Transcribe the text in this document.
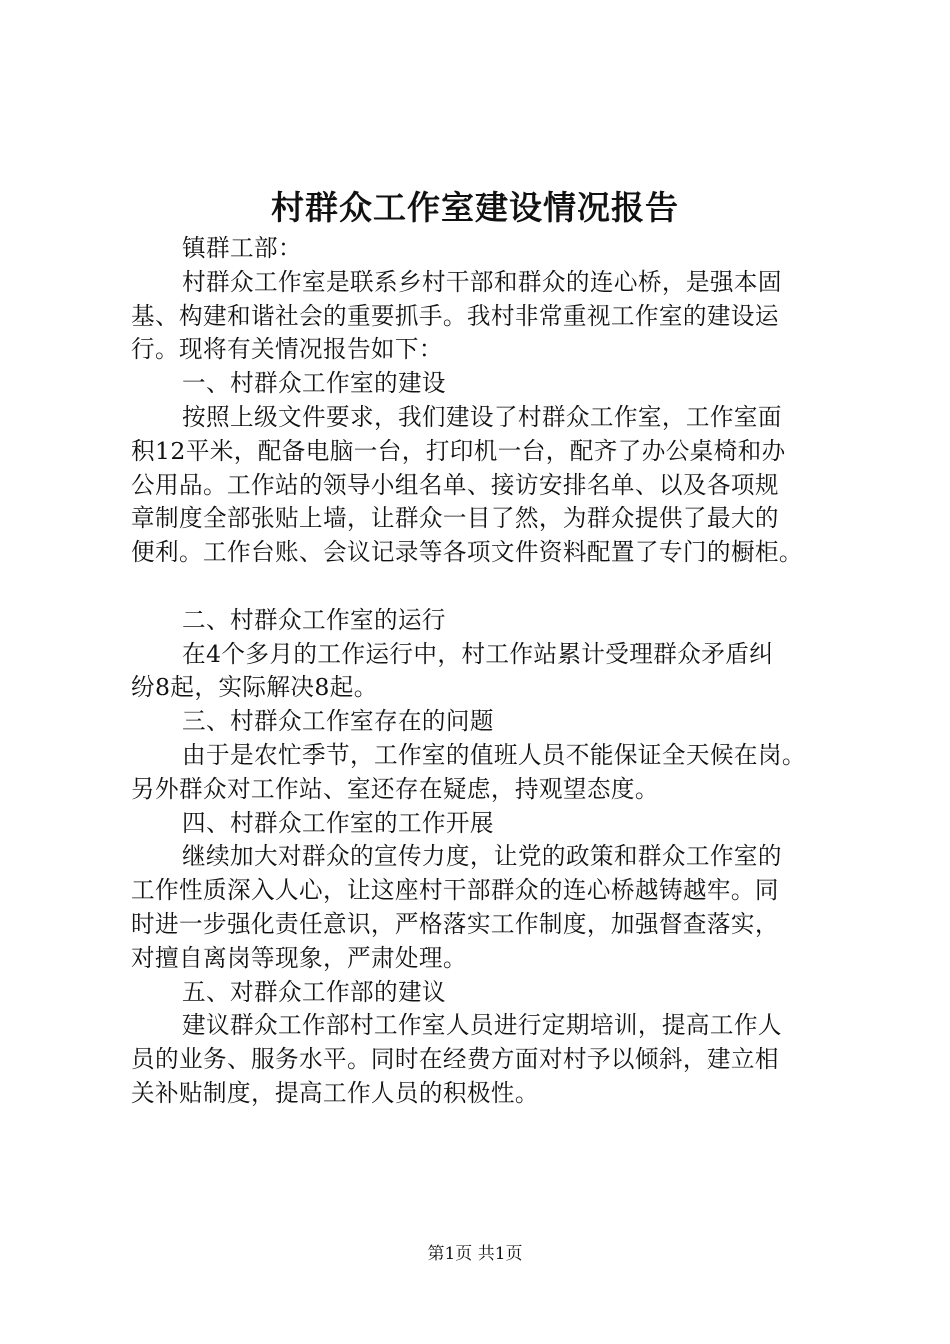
村群众工作室建设情况报告
镇群工部：
村群众工作室是联系乡村干部和群众的连心桥，是强本固
基、构建和谐社会的重要抓手。我村非常重视工作室的建设运
行。现将有关情况报告如下：
一、村群众工作室的建设
按照上级文件要求，我们建设了村群众工作室，工作室面
积12平米，配备电脑一台，打印机一台，配齐了办公桌椅和办
公用品。工作站的领导小组名单、接访安排名单、以及各项规
章制度全部张贴上墙，让群众一目了然，为群众提供了最大的
便利。工作台账、会议记录等各项文件资料配置了专门的橱柜。
二、村群众工作室的运行
在4个多月的工作运行中，村工作站累计受理群众矛盾纠
纷8起，实际解决8起。
三、村群众工作室存在的问题
由于是农忙季节，工作室的值班人员不能保证全天候在岗。
另外群众对工作站、室还存在疑虑，持观望态度。
四、村群众工作室的工作开展
继续加大对群众的宣传力度，让党的政策和群众工作室的
工作性质深入人心，让这座村干部群众的连心桥越铸越牢。同
时进一步强化责任意识，严格落实工作制度，加强督查落实，
对擅自离岗等现象，严肃处理。
五、对群众工作部的建议
建议群众工作部村工作室人员进行定期培训，提高工作人
员的业务、服务水平。同时在经费方面对村予以倾斜，建立相
关补贴制度，提高工作人员的积极性。
第1页 共1页
